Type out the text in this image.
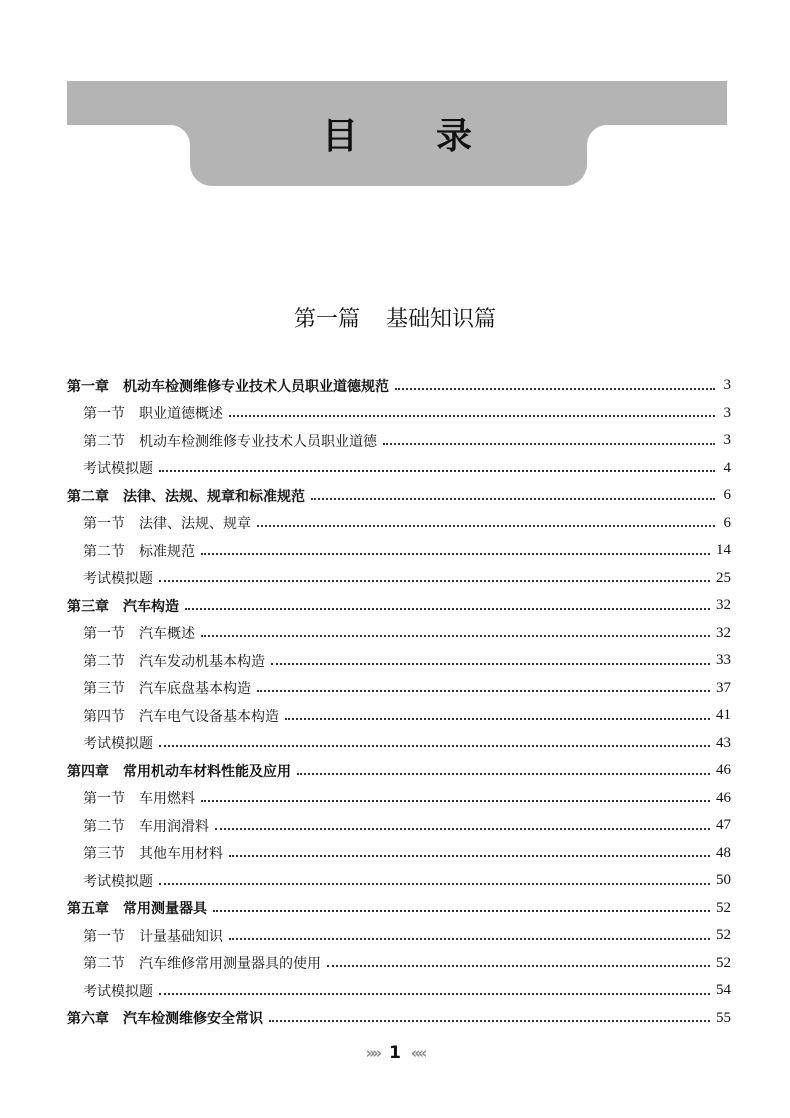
目 录
第一篇 基础知识篇
第一章 机动车检测维修专业技术人员职业道德规范	3
第一节 职业道德概述	3
第二节 机动车检测维修专业技术人员职业道德	3
考试模拟题	4
第二章 法律、法规、规章和标准规范	6
第一节 法律、法规、规章	6
第二节 标准规范	14
考试模拟题	25
第三章 汽车构造	32
第一节 汽车概述	32
第二节 汽车发动机基本构造	33
第三节 汽车底盘基本构造	37
第四节 汽车电气设备基本构造	41
考试模拟题	43
第四章 常用机动车材料性能及应用	46
第一节 车用燃料	46
第二节 车用润滑料	47
第三节 其他车用材料	48
考试模拟题	50
第五章 常用测量器具	52
第一节 计量基础知识	52
第二节 汽车维修常用测量器具的使用	52
考试模拟题	54
第六章 汽车检测维修安全常识	55
»» 1 ««
